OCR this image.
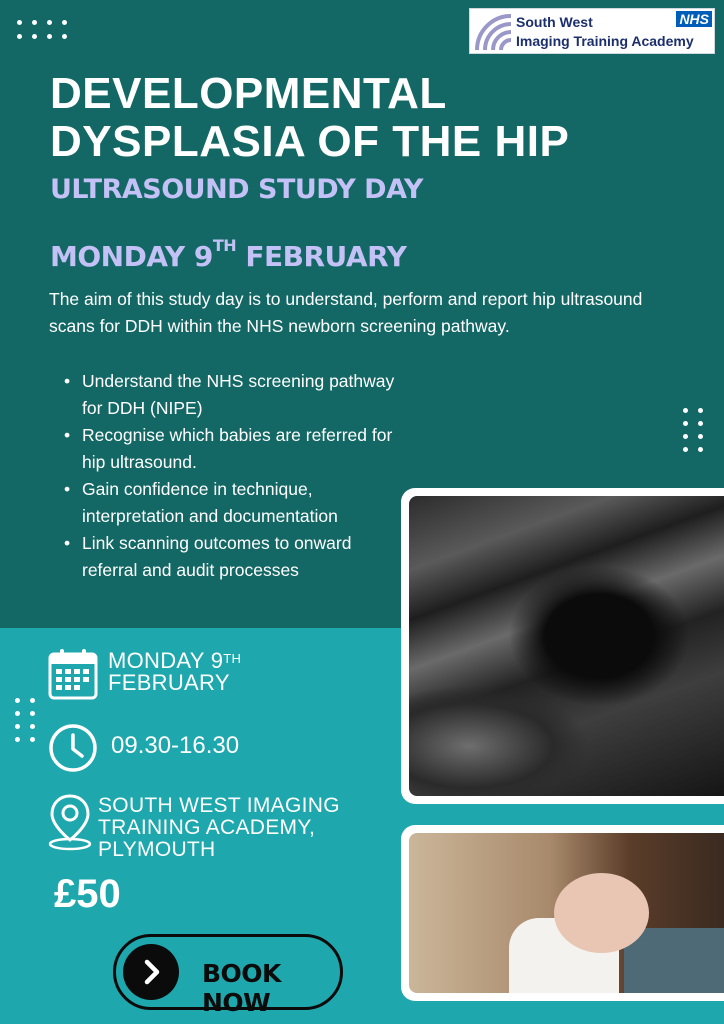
South West
Imaging Training Academy
NHS
DEVELOPMENTAL
DYSPLASIA OF THE HIP
ULTRASOUND STUDY DAY
MONDAY 9TH FEBRUARY

The aim of this study day is to understand, perform and report hip ultrasound scans for DDH within the NHS newborn screening pathway.

• Understand the NHS screening pathway for DDH (NIPE)
• Recognise which babies are referred for hip ultrasound.
• Gain confidence in technique, interpretation and documentation
• Link scanning outcomes to onward referral and audit processes
MONDAY 9TH
FEBRUARY
09.30-16.30
SOUTH WEST IMAGING
TRAINING ACADEMY,
PLYMOUTH
£50
BOOK NOW
